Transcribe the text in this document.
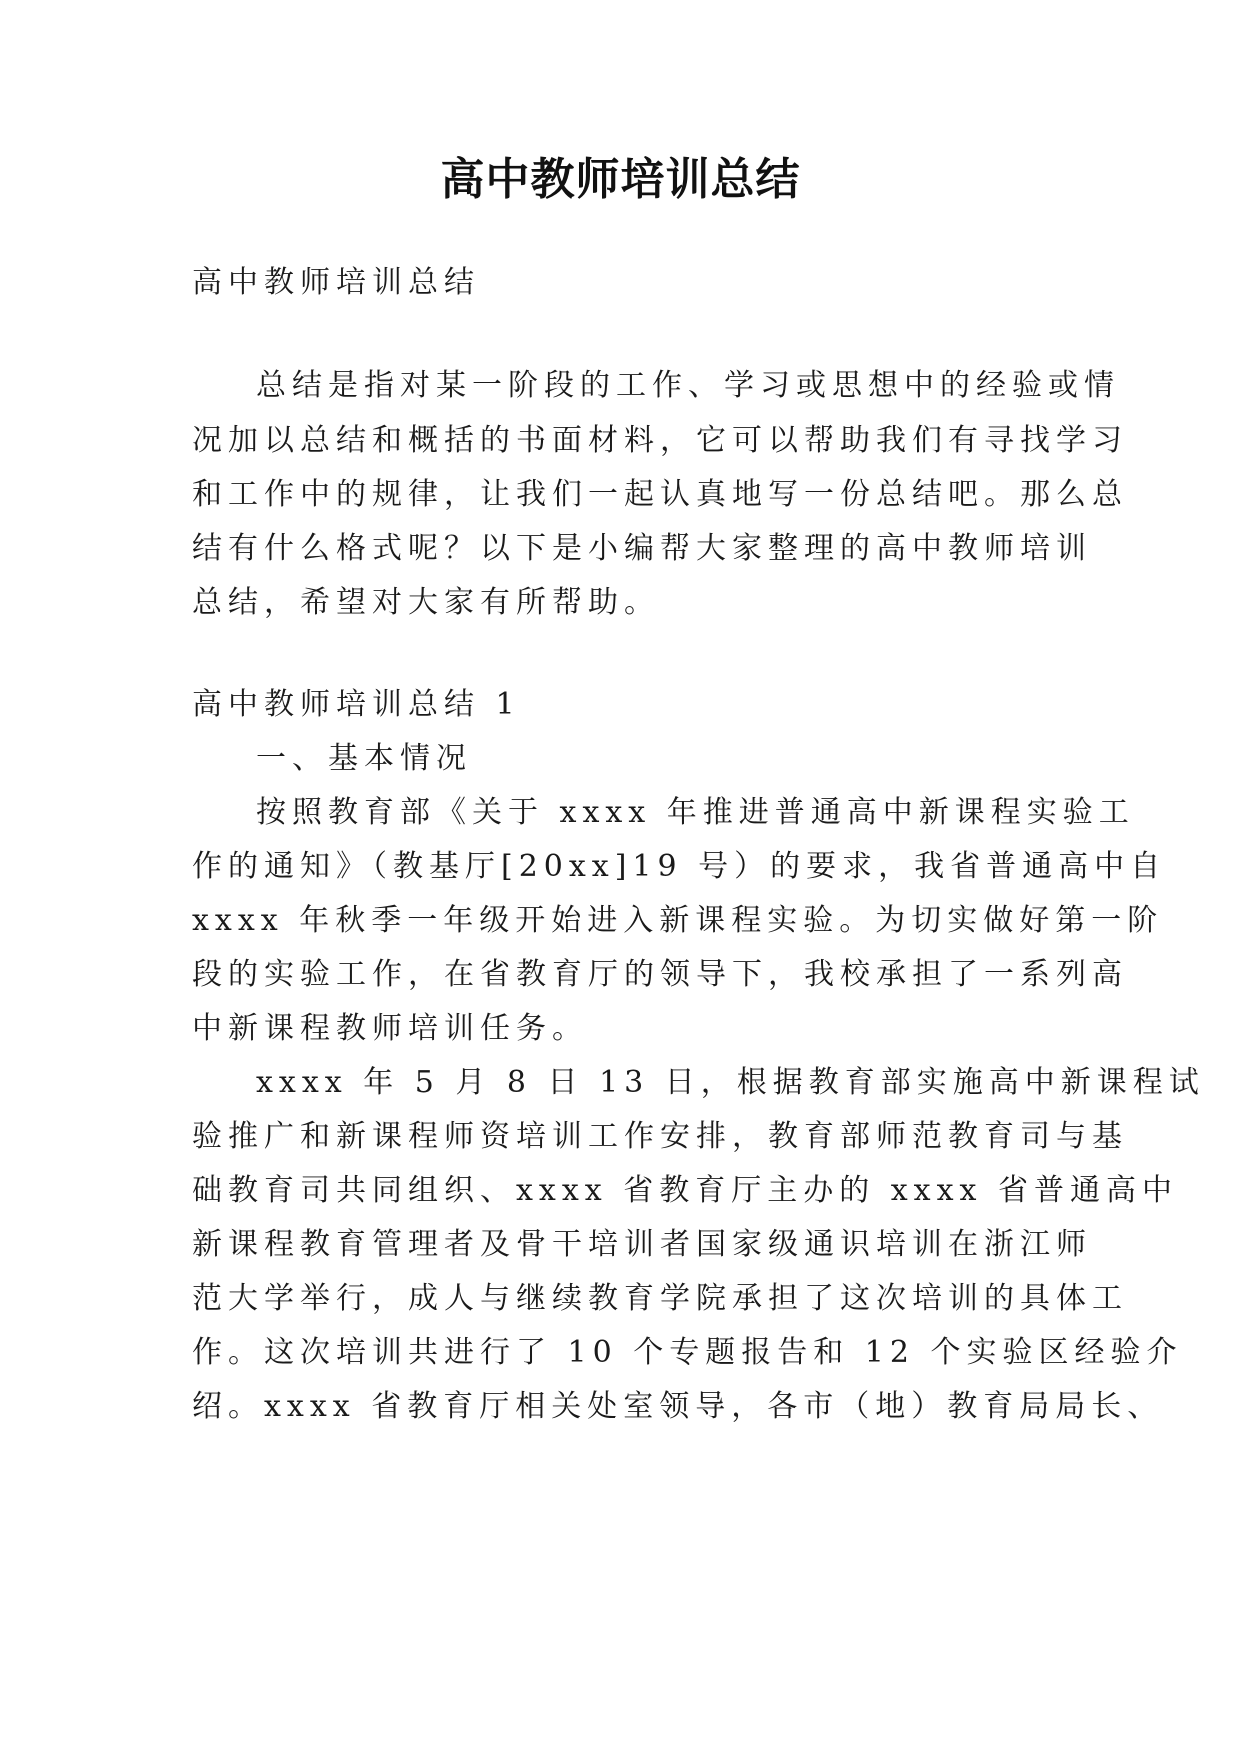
高中教师培训总结
高中教师培训总结
总结是指对某一阶段的工作、学习或思想中的经验或情
况加以总结和概括的书面材料，它可以帮助我们有寻找学习
和工作中的规律，让我们一起认真地写一份总结吧。那么总
结有什么格式呢？以下是小编帮大家整理的高中教师培训
总结，希望对大家有所帮助。
高中教师培训总结 1
一、基本情况
按照教育部《关于 xxxx 年推进普通高中新课程实验工
作的通知》（教基厅[20xx]19 号）的要求，我省普通高中自
xxxx 年秋季一年级开始进入新课程实验。为切实做好第一阶
段的实验工作，在省教育厅的领导下，我校承担了一系列高
中新课程教师培训任务。
xxxx 年 5 月 8 日 13 日，根据教育部实施高中新课程试
验推广和新课程师资培训工作安排，教育部师范教育司与基
础教育司共同组织、xxxx 省教育厅主办的 xxxx 省普通高中
新课程教育管理者及骨干培训者国家级通识培训在浙江师
范大学举行，成人与继续教育学院承担了这次培训的具体工
作。这次培训共进行了 10 个专题报告和 12 个实验区经验介
绍。xxxx 省教育厅相关处室领导，各市（地）教育局局长、
